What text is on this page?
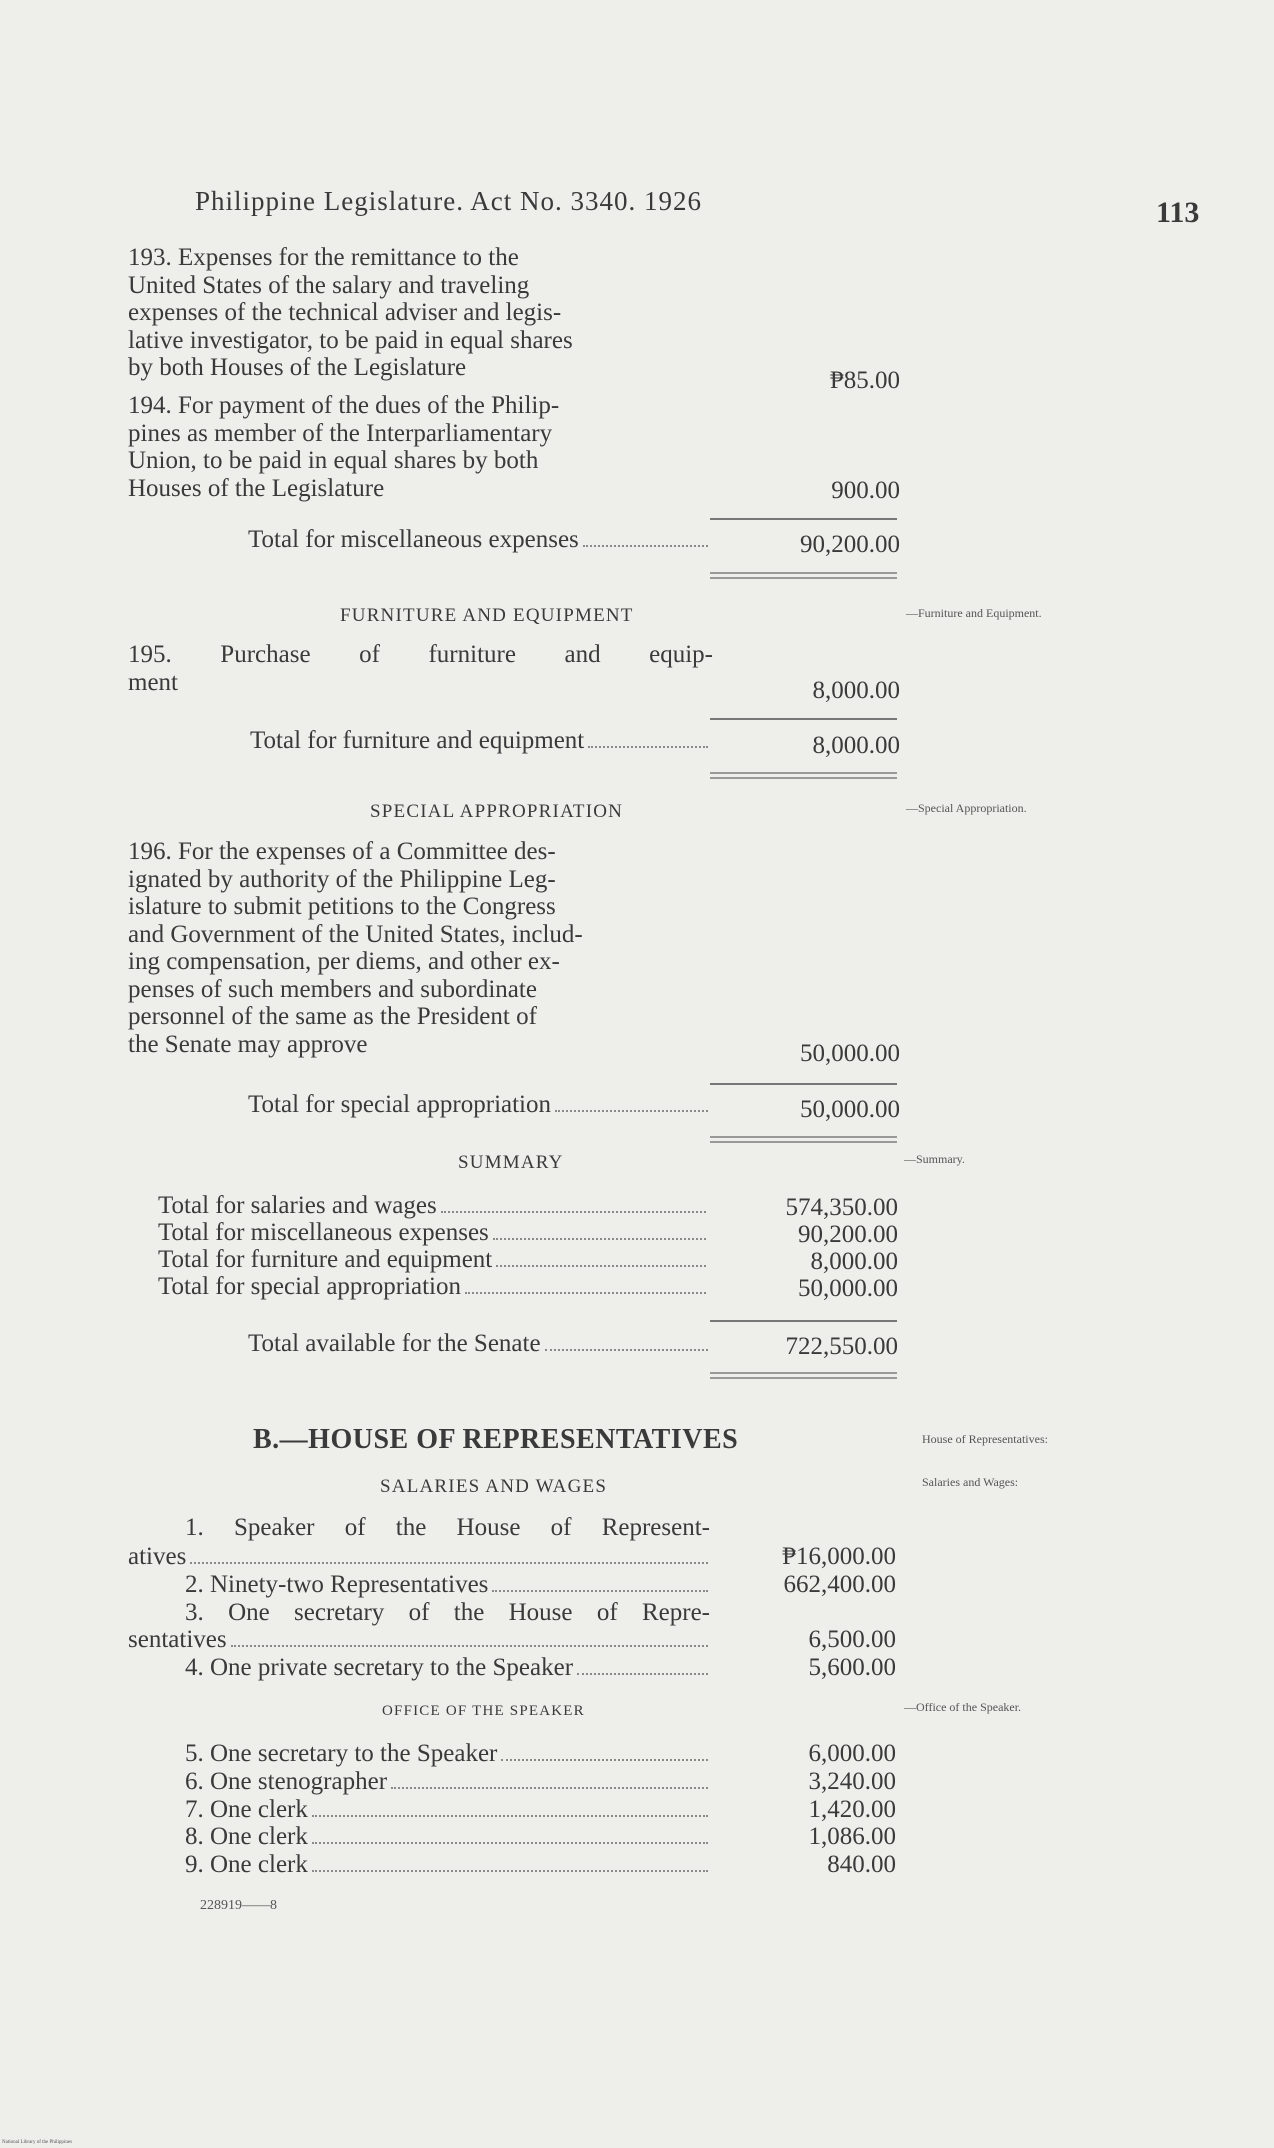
Philippine Legislature. Act No. 3340. 1926	113
193. Expenses for the remittance to the
United States of the salary and traveling
expenses of the technical adviser and legis-
lative investigator, to be paid in equal shares
by both Houses of the Legislature	₱85.00
194. For payment of the dues of the Philip-
pines as member of the Interparliamentary
Union, to be paid in equal shares by both
Houses of the Legislature	900.00
Total for miscellaneous expenses	90,200.00
FURNITURE AND EQUIPMENT	—Furniture and Equipment.
195. Purchase of furniture and equip-
ment	8,000.00
Total for furniture and equipment	8,000.00
SPECIAL APPROPRIATION	—Special Appropriation.
196. For the expenses of a Committee des-
ignated by authority of the Philippine Leg-
islature to submit petitions to the Congress
and Government of the United States, includ-
ing compensation, per diems, and other ex-
penses of such members and subordinate
personnel of the same as the President of
the Senate may approve	50,000.00
Total for special appropriation	50,000.00
SUMMARY	—Summary.
Total for salaries and wages	574,350.00
Total for miscellaneous expenses	90,200.00
Total for furniture and equipment	8,000.00
Total for special appropriation	50,000.00
Total available for the Senate	722,550.00
B.—HOUSE OF REPRESENTATIVES	House of Representatives:
Salaries and Wages:
SALARIES AND WAGES
1. Speaker of the House of Represent-
atives	₱16,000.00
2. Ninety-two Representatives	662,400.00
3. One secretary of the House of Repre-
sentatives	6,500.00
4. One private secretary to the Speaker	5,600.00
OFFICE OF THE SPEAKER	—Office of the Speaker.
5. One secretary to the Speaker	6,000.00
6. One stenographer	3,240.00
7. One clerk	1,420.00
8. One clerk	1,086.00
9. One clerk	840.00
228919——8
National Library of the Philippines
